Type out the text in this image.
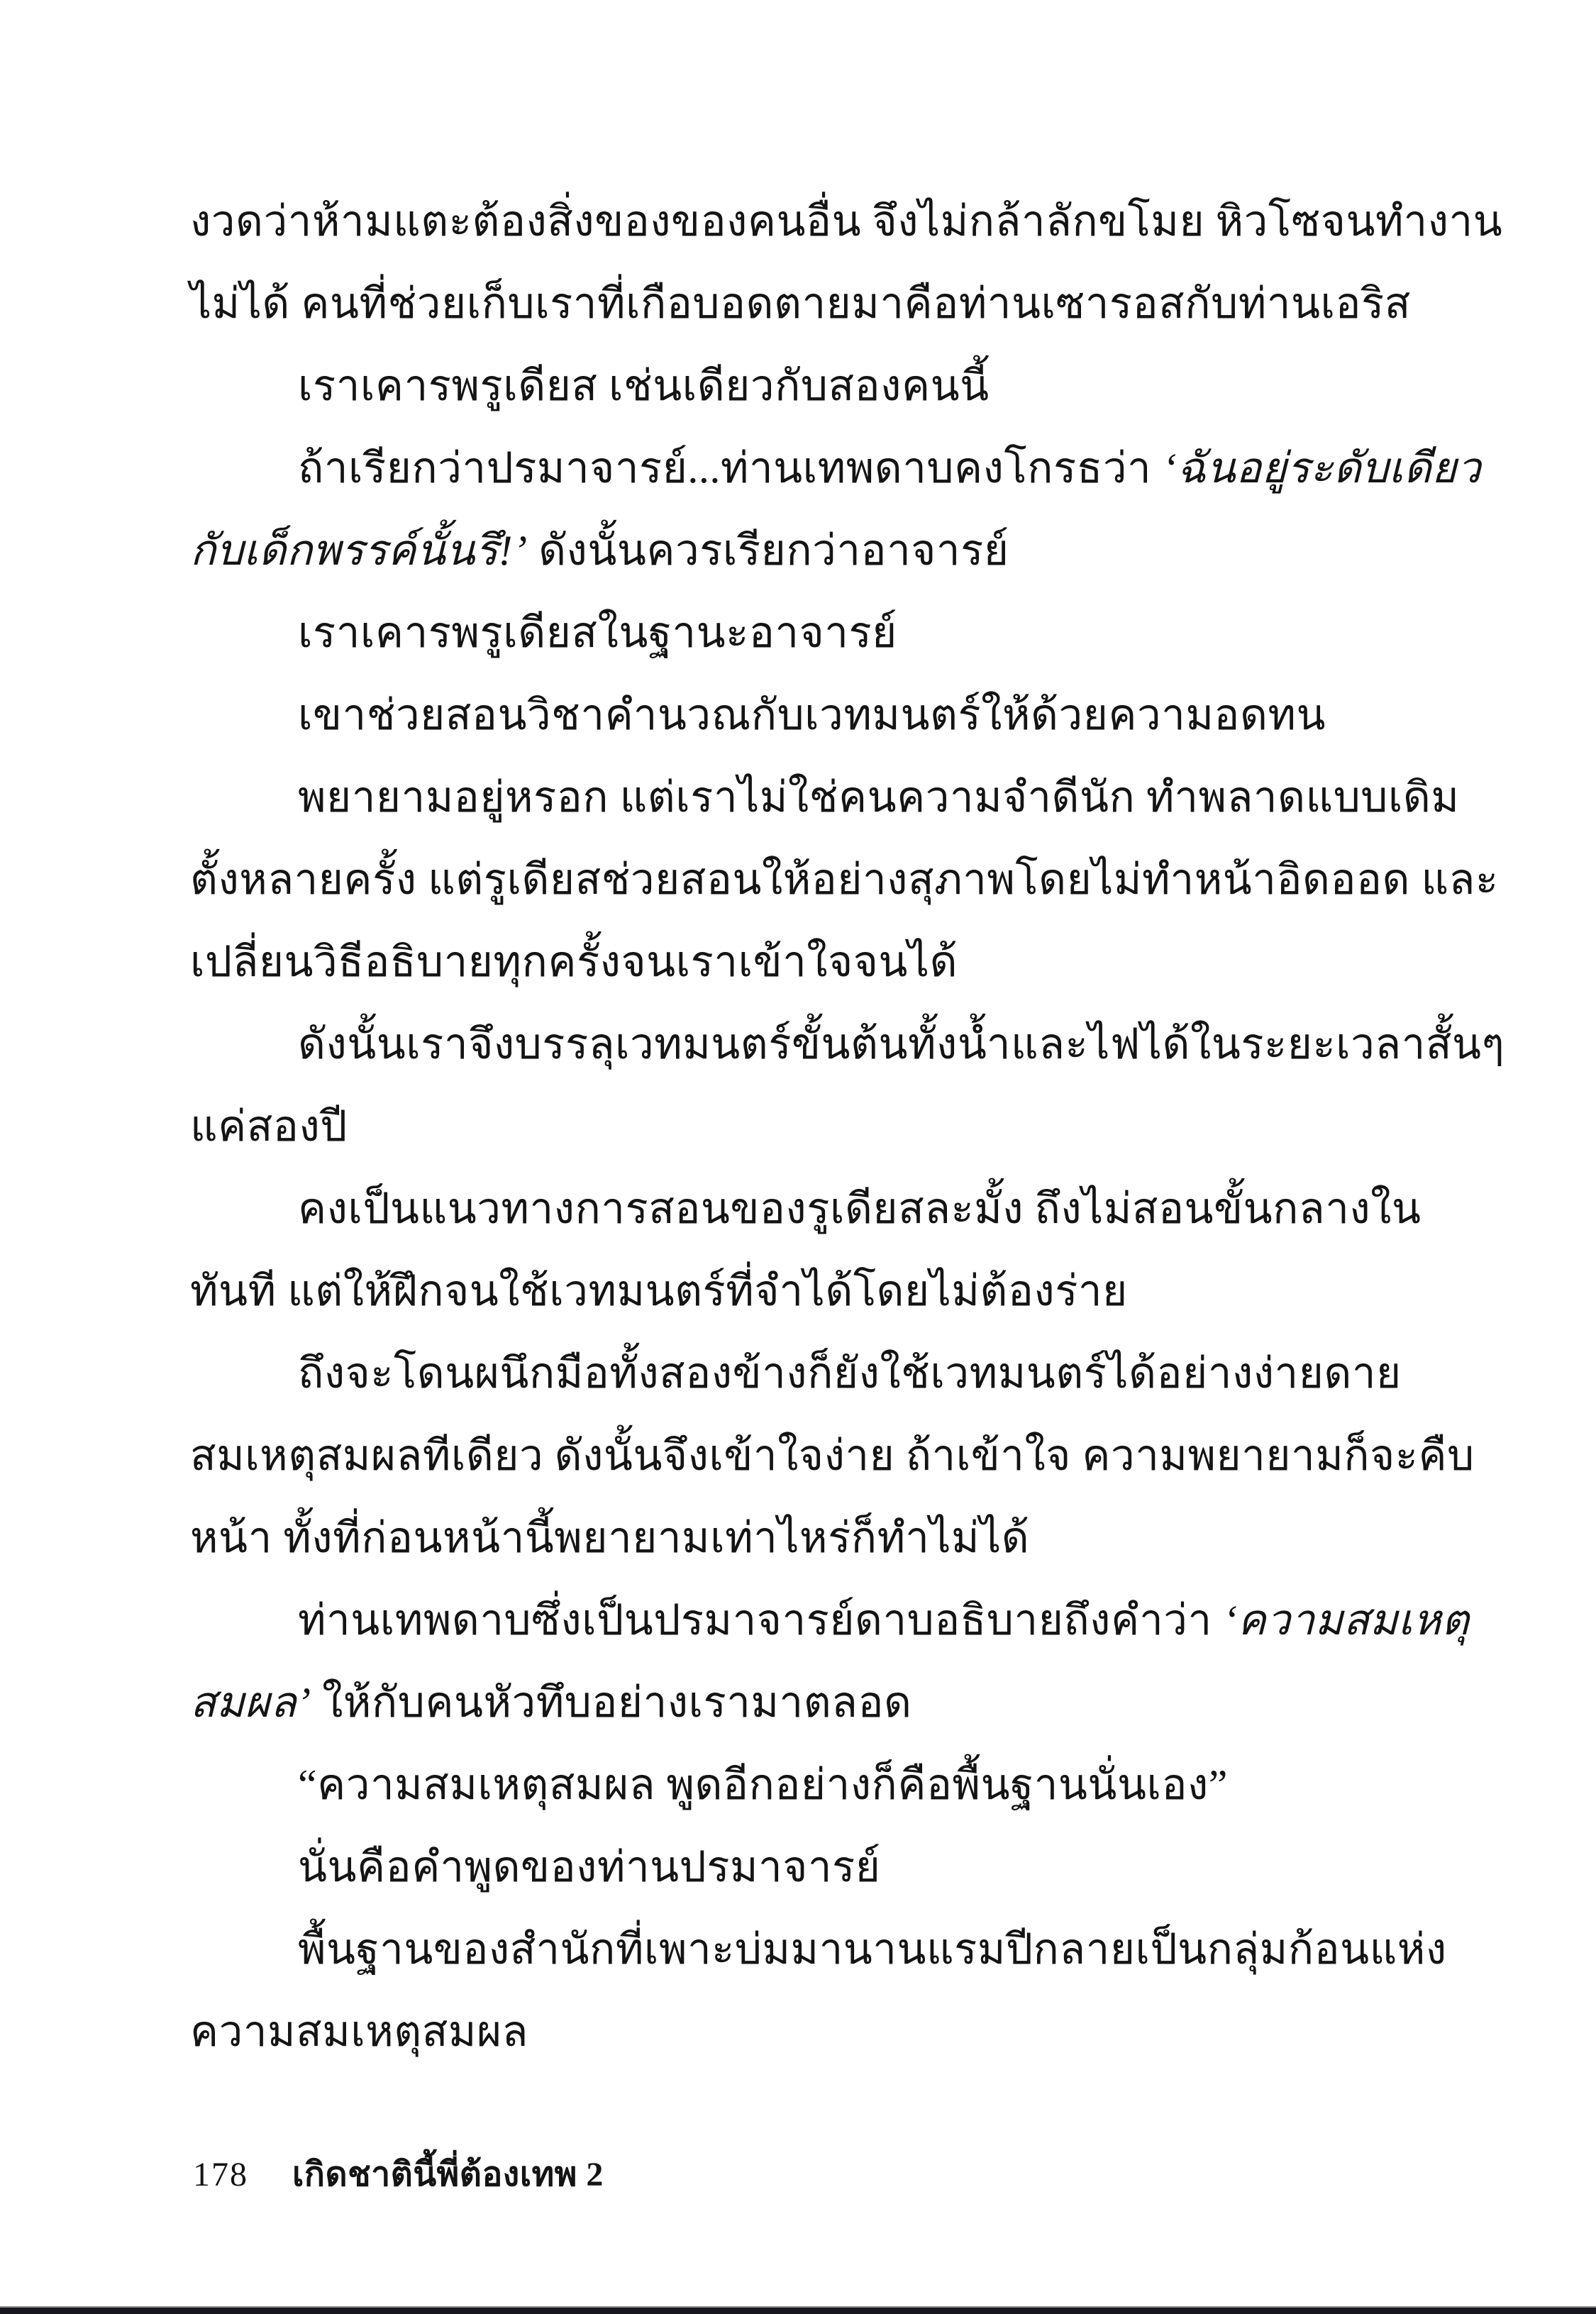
งวดว่าห้ามแตะต้องสิ่งของของคนอื่น จึงไม่กล้าลักขโมย หิวโซจนทำงาน
ไม่ได้ คนที่ช่วยเก็บเราที่เกือบอดตายมาคือท่านเซารอสกับท่านเอริส
เราเคารพรูเดียส เช่นเดียวกับสองคนนี้
ถ้าเรียกว่าปรมาจารย์...ท่านเทพดาบคงโกรธว่า ‘ฉันอยู่ระดับเดียว
กับเด็กพรรค์นั้นรึ!’ ดังนั้นควรเรียกว่าอาจารย์
เราเคารพรูเดียสในฐานะอาจารย์
เขาช่วยสอนวิชาคำนวณกับเวทมนตร์ให้ด้วยความอดทน
พยายามอยู่หรอก แต่เราไม่ใช่คนความจำดีนัก ทำพลาดแบบเดิม
ตั้งหลายครั้ง แต่รูเดียสช่วยสอนให้อย่างสุภาพโดยไม่ทำหน้าอิดออด และ
เปลี่ยนวิธีอธิบายทุกครั้งจนเราเข้าใจจนได้
ดังนั้นเราจึงบรรลุเวทมนตร์ขั้นต้นทั้งน้ำและไฟได้ในระยะเวลาสั้นๆ
แค่สองปี
คงเป็นแนวทางการสอนของรูเดียสละมั้ง ถึงไม่สอนขั้นกลางใน
ทันที แต่ให้ฝึกจนใช้เวทมนตร์ที่จำได้โดยไม่ต้องร่าย
ถึงจะโดนผนึกมือทั้งสองข้างก็ยังใช้เวทมนตร์ได้อย่างง่ายดาย
สมเหตุสมผลทีเดียว ดังนั้นจึงเข้าใจง่าย ถ้าเข้าใจ ความพยายามก็จะคืบ
หน้า ทั้งที่ก่อนหน้านี้พยายามเท่าไหร่ก็ทำไม่ได้
ท่านเทพดาบซึ่งเป็นปรมาจารย์ดาบอธิบายถึงคำว่า ‘ความสมเหตุ
สมผล’ ให้กับคนหัวทึบอย่างเรามาตลอด
“ความสมเหตุสมผล พูดอีกอย่างก็คือพื้นฐานนั่นเอง”
นั่นคือคำพูดของท่านปรมาจารย์
พื้นฐานของสำนักที่เพาะบ่มมานานแรมปีกลายเป็นกลุ่มก้อนแห่ง
ความสมเหตุสมผล
178	เกิดชาตินี้พี่ต้องเทพ 2
